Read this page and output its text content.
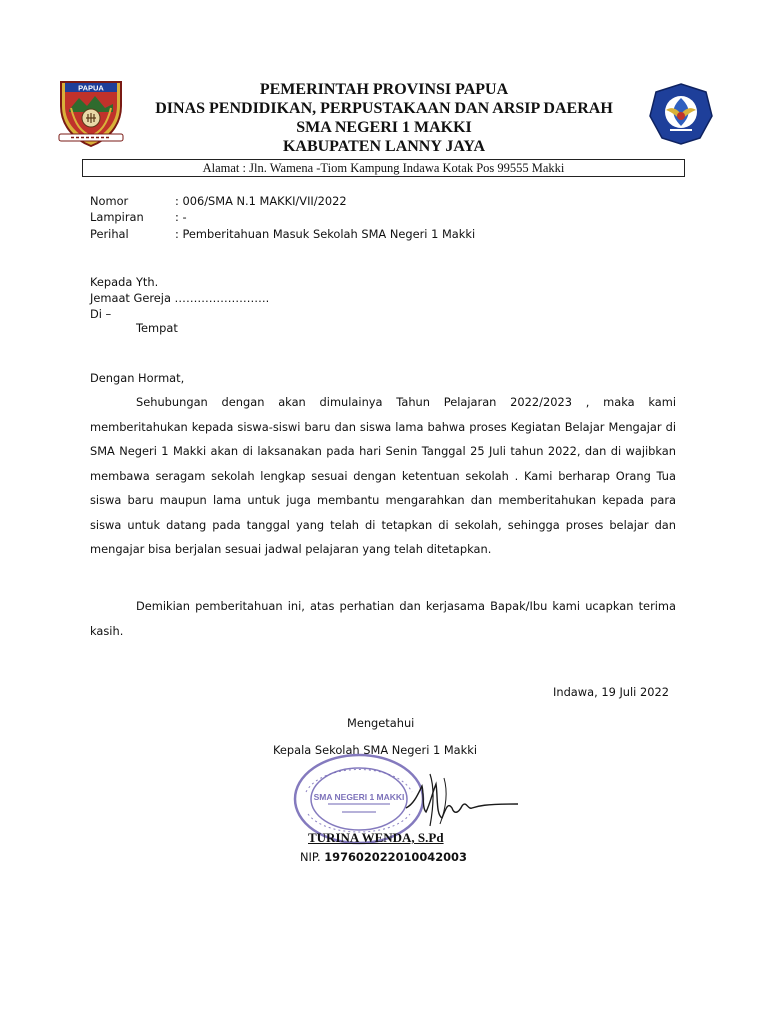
PEMERINTAH PROVINSI PAPUA

DINAS PENDIDIKAN, PERPUSTAKAAN DAN ARSIP DAERAH

SMA NEGERI 1 MAKKI

KABUPATEN LANNY JAYA

PAPUA
Alamat : Jln. Wamena -Tiom Kampung Indawa Kotak Pos 99555 Makki
Nomor	: 006/SMA N.1 MAKKI/VII/2022
Lampiran	: -
Perihal	: Pemberitahuan Masuk Sekolah SMA Negeri 1 Makki
Kepada Yth.
Jemaat Gereja …………………….
Di –
Tempat
Dengan Hormat,
Sehubungan dengan akan dimulainya Tahun Pelajaran 2022/2023 , maka kami memberitahukan kepada siswa-siswi baru dan siswa lama bahwa proses Kegiatan Belajar Mengajar di SMA Negeri 1 Makki akan di laksanakan pada hari Senin Tanggal 25 Juli tahun 2022, dan di wajibkan membawa seragam sekolah lengkap sesuai dengan ketentuan sekolah . Kami berharap Orang Tua siswa baru maupun lama untuk juga membantu mengarahkan dan memberitahukan kepada para siswa untuk datang pada tanggal yang telah di tetapkan di sekolah, sehingga proses belajar dan mengajar bisa berjalan sesuai jadwal pelajaran yang telah ditetapkan.
Demikian pemberitahuan ini, atas perhatian dan kerjasama Bapak/Ibu kami ucapkan terima kasih.
Indawa, 19 Juli 2022
Mengetahui
Kepala Sekolah SMA Negeri 1 Makki
SMA NEGERI 1 MAKKI
TURINA WENDA, S.Pd
NIP. 197602022010042003
